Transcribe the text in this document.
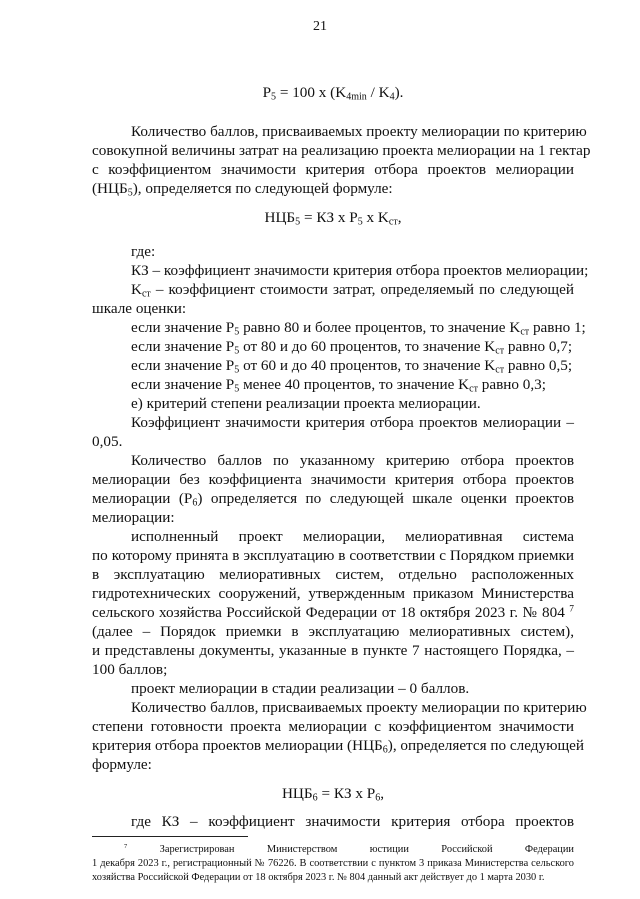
21
$P_5 = 100$ x $(K_{4min} / K_4)$.
Количество баллов, присваиваемых проекту мелиорации по критерию
совокупной величины затрат на реализацию проекта мелиорации на 1 гектар
с коэффициентом значимости критерия отбора проектов мелиорации
$(НЦБ_5)$, определяется по следующей формуле:
$НЦБ_5$ = КЗ x $P_5$ x $K_{ст}$,
где:
КЗ – коэффициент значимости критерия отбора проектов мелиорации;
$K_{ст}$ – коэффициент стоимости затрат, определяемый по следующей
шкале оценки:
если значение $P_5$ равно 80 и более процентов, то значение $K_{ст}$ равно 1;
если значение $P_5$ от 80 и до 60 процентов, то значение $K_{ст}$ равно 0,7;
если значение $P_5$ от 60 и до 40 процентов, то значение $K_{ст}$ равно 0,5;
если значение $P_5$ менее 40 процентов, то значение $K_{ст}$ равно 0,3;
е) критерий степени реализации проекта мелиорации.
Коэффициент значимости критерия отбора проектов мелиорации –
0,05.
Количество баллов по указанному критерию отбора проектов
мелиорации без коэффициента значимости критерия отбора проектов
мелиорации $(P_6)$ определяется по следующей шкале оценки проектов
мелиорации:
исполненный проект мелиорации, мелиоративная система
по которому принята в эксплуатацию в соответствии с Порядком приемки
в эксплуатацию мелиоративных систем, отдельно расположенных
гидротехнических сооружений, утвержденным приказом Министерства
сельского хозяйства Российской Федерации от 18 октября 2023 г. № 804 $^7$
(далее – Порядок приемки в эксплуатацию мелиоративных систем),
и представлены документы, указанные в пункте 7 настоящего Порядка, –
100 баллов;
проект мелиорации в стадии реализации – 0 баллов.
Количество баллов, присваиваемых проекту мелиорации по критерию
степени готовности проекта мелиорации с коэффициентом значимости
критерия отбора проектов мелиорации $(НЦБ_6)$, определяется по следующей
формуле:
$НЦБ_6$ = КЗ x $P_6$,
где КЗ – коэффициент значимости критерия отбора проектов
$^7$	Зарегистрирован Министерством юстиции Российской Федерации
1 декабря 2023 г., регистрационный № 76226. В соответствии с пунктом 3 приказа Министерства сельского
хозяйства Российской Федерации от 18 октября 2023 г. № 804 данный акт действует до 1 марта 2030 г.
